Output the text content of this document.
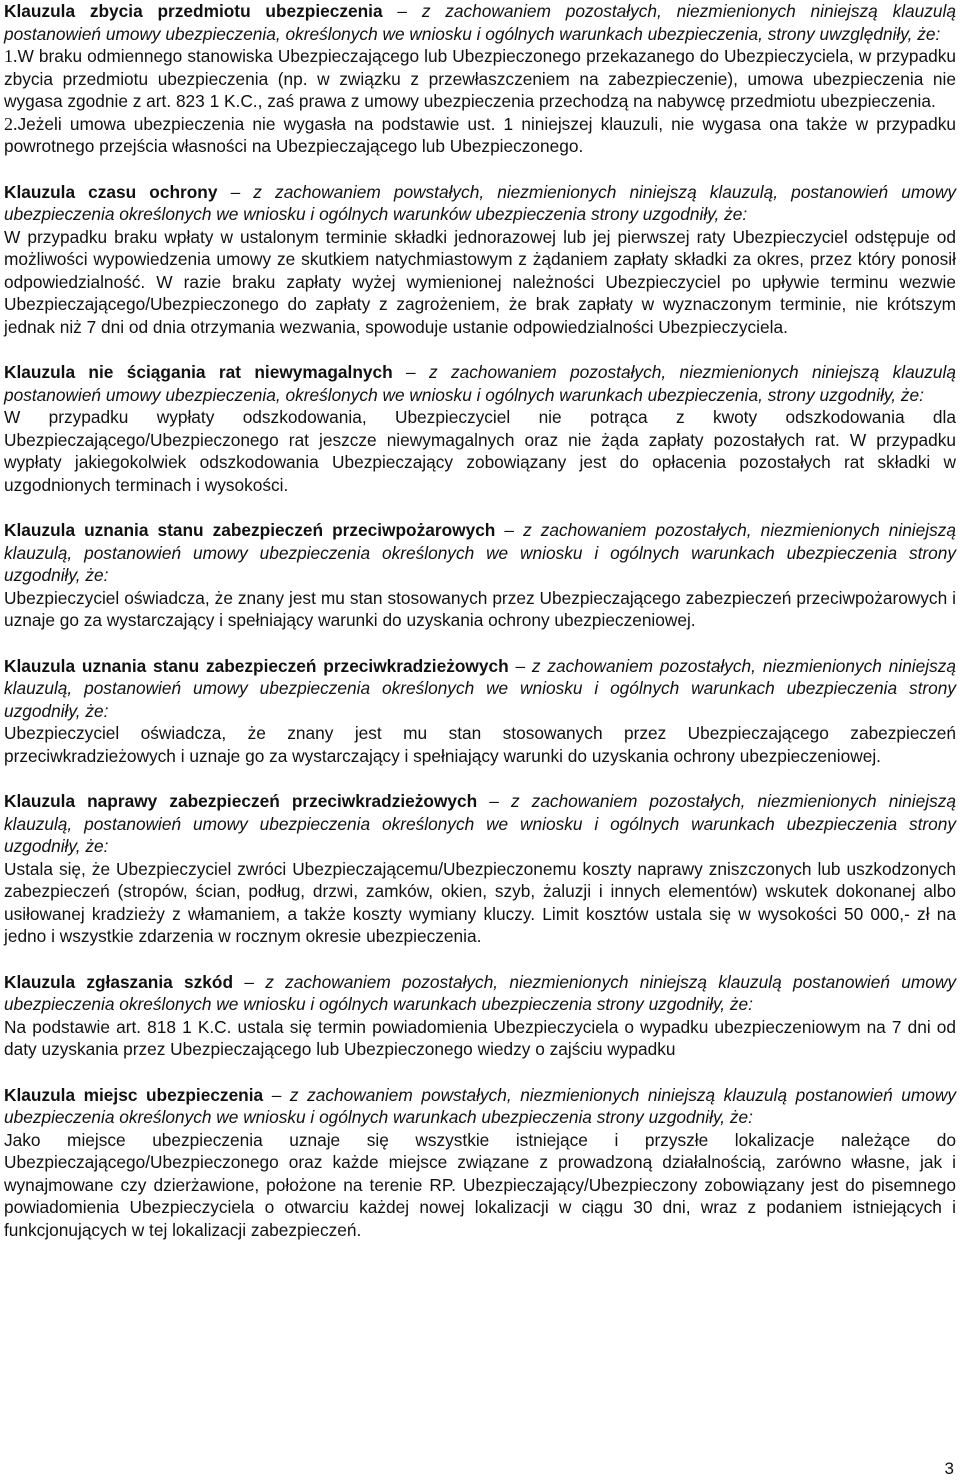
Klauzula zbycia przedmiotu ubezpieczenia – z zachowaniem pozostałych, niezmienionych niniejszą klauzulą postanowień umowy ubezpieczenia, określonych we wniosku i ogólnych warunkach ubezpieczenia, strony uwzględniły, że:

1.W braku odmiennego stanowiska Ubezpieczającego lub Ubezpieczonego przekazanego do Ubezpieczyciela, w przypadku zbycia przedmiotu ubezpieczenia (np. w związku z przewłaszczeniem na zabezpieczenie), umowa ubezpieczenia nie wygasa zgodnie z art. 823 1 K.C., zaś prawa z umowy ubezpieczenia przechodzą na nabywcę przedmiotu ubezpieczenia.

2.Jeżeli umowa ubezpieczenia nie wygasła na podstawie ust. 1 niniejszej klauzuli, nie wygasa ona także w przypadku powrotnego przejścia własności na Ubezpieczającego lub Ubezpieczonego.

Klauzula czasu ochrony – z zachowaniem powstałych, niezmienionych niniejszą klauzulą, postanowień umowy ubezpieczenia określonych we wniosku i ogólnych warunków ubezpieczenia strony uzgodniły, że:

W przypadku braku wpłaty w ustalonym terminie składki jednorazowej lub jej pierwszej raty Ubezpieczyciel odstępuje od możliwości wypowiedzenia umowy ze skutkiem natychmiastowym z żądaniem zapłaty składki za okres, przez który ponosił odpowiedzialność. W razie braku zapłaty wyżej wymienionej należności Ubezpieczyciel po upływie terminu wezwie Ubezpieczającego/Ubezpieczonego do zapłaty z zagrożeniem, że brak zapłaty w wyznaczonym terminie, nie krótszym jednak niż 7 dni od dnia otrzymania wezwania, spowoduje ustanie odpowiedzialności Ubezpieczyciela.

Klauzula nie ściągania rat niewymagalnych – z zachowaniem pozostałych, niezmienionych niniejszą klauzulą postanowień umowy ubezpieczenia, określonych we wniosku i ogólnych warunkach ubezpieczenia, strony uzgodniły, że:

W przypadku wypłaty odszkodowania, Ubezpieczyciel nie potrąca z kwoty odszkodowania dla Ubezpieczającego/Ubezpieczonego rat jeszcze niewymagalnych oraz nie żąda zapłaty pozostałych rat. W przypadku wypłaty jakiegokolwiek odszkodowania Ubezpieczający zobowiązany jest do opłacenia pozostałych rat składki w uzgodnionych terminach i wysokości.

Klauzula uznania stanu zabezpieczeń przeciwpożarowych – z zachowaniem pozostałych, niezmienionych niniejszą klauzulą, postanowień umowy ubezpieczenia określonych we wniosku i ogólnych warunkach ubezpieczenia strony uzgodniły, że:

Ubezpieczyciel oświadcza, że znany jest mu stan stosowanych przez Ubezpieczającego zabezpieczeń przeciwpożarowych i uznaje go za wystarczający i spełniający warunki do uzyskania ochrony ubezpieczeniowej.

Klauzula uznania stanu zabezpieczeń przeciwkradzieżowych – z zachowaniem pozostałych, niezmienionych niniejszą klauzulą, postanowień umowy ubezpieczenia określonych we wniosku i ogólnych warunkach ubezpieczenia strony uzgodniły, że:

Ubezpieczyciel oświadcza, że znany jest mu stan stosowanych przez Ubezpieczającego zabezpieczeń przeciwkradzieżowych i uznaje go za wystarczający i spełniający warunki do uzyskania ochrony ubezpieczeniowej.

Klauzula naprawy zabezpieczeń przeciwkradzieżowych – z zachowaniem pozostałych, niezmienionych niniejszą klauzulą, postanowień umowy ubezpieczenia określonych we wniosku i ogólnych warunkach ubezpieczenia strony uzgodniły, że:

Ustala się, że Ubezpieczyciel zwróci Ubezpieczającemu/Ubezpieczonemu koszty naprawy zniszczonych lub uszkodzonych zabezpieczeń (stropów, ścian, podług, drzwi, zamków, okien, szyb, żaluzji i innych elementów) wskutek dokonanej albo usiłowanej kradzieży z włamaniem, a także koszty wymiany kluczy. Limit kosztów ustala się w wysokości 50 000,- zł na jedno i wszystkie zdarzenia w rocznym okresie ubezpieczenia.

Klauzula zgłaszania szkód – z zachowaniem pozostałych, niezmienionych niniejszą klauzulą postanowień umowy ubezpieczenia określonych we wniosku i ogólnych warunkach ubezpieczenia strony uzgodniły, że:

Na podstawie art. 818 1 K.C. ustala się termin powiadomienia Ubezpieczyciela o wypadku ubezpieczeniowym na 7 dni od daty uzyskania przez Ubezpieczającego lub Ubezpieczonego wiedzy o zajściu wypadku

Klauzula miejsc ubezpieczenia – z zachowaniem powstałych, niezmienionych niniejszą klauzulą postanowień umowy ubezpieczenia określonych we wniosku i ogólnych warunkach ubezpieczenia strony uzgodniły, że:

Jako miejsce ubezpieczenia uznaje się wszystkie istniejące i przyszłe lokalizacje należące do Ubezpieczającego/Ubezpieczonego oraz każde miejsce związane z prowadzoną działalnością, zarówno własne, jak i wynajmowane czy dzierżawione, położone na terenie RP. Ubezpieczający/Ubezpieczony zobowiązany jest do pisemnego powiadomienia Ubezpieczyciela o otwarciu każdej nowej lokalizacji w ciągu 30 dni, wraz z podaniem istniejących i funkcjonujących w tej lokalizacji zabezpieczeń.

3
